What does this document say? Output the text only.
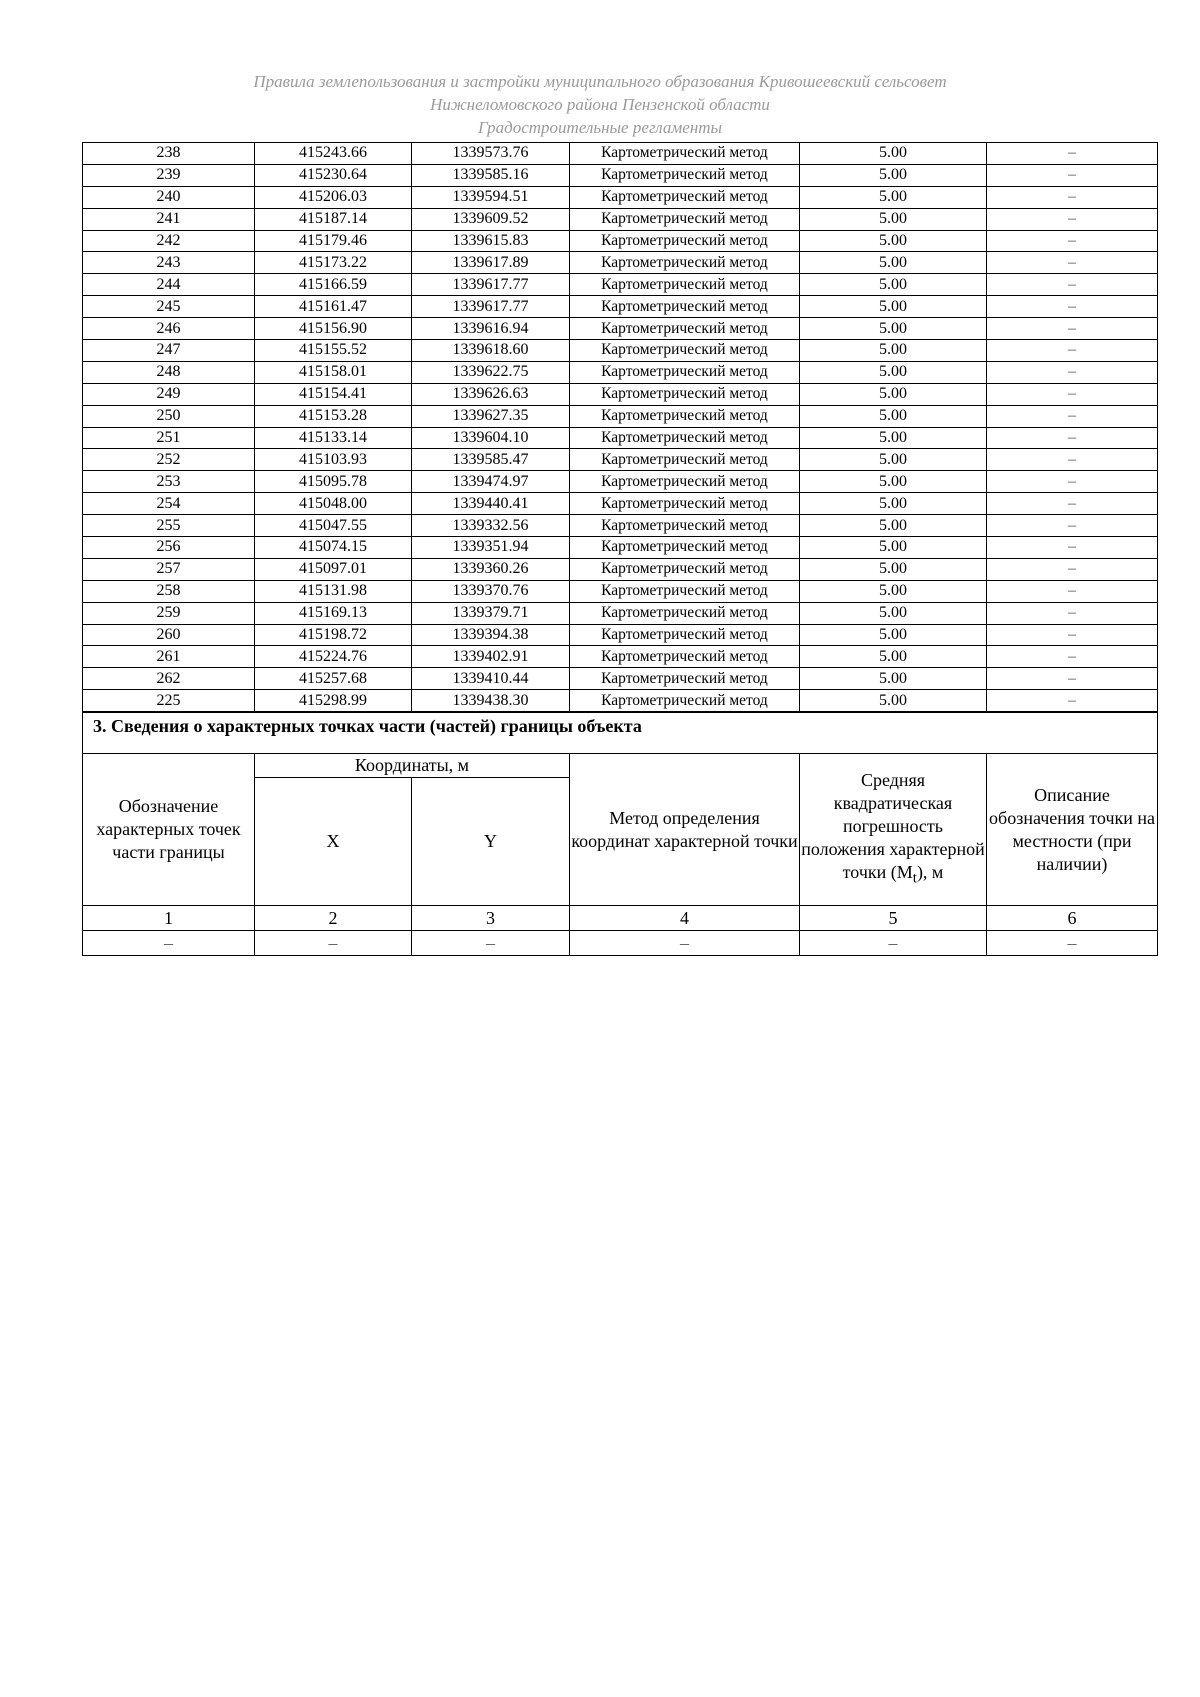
Правила землепользования и застройки муниципального образования Кривошеевский сельсовет
Нижнеломовского района Пензенской области
Градостроительные регламенты
238	415243.66	1339573.76	Картометрический метод	5.00	–
239	415230.64	1339585.16	Картометрический метод	5.00	–
240	415206.03	1339594.51	Картометрический метод	5.00	–
241	415187.14	1339609.52	Картометрический метод	5.00	–
242	415179.46	1339615.83	Картометрический метод	5.00	–
243	415173.22	1339617.89	Картометрический метод	5.00	–
244	415166.59	1339617.77	Картометрический метод	5.00	–
245	415161.47	1339617.77	Картометрический метод	5.00	–
246	415156.90	1339616.94	Картометрический метод	5.00	–
247	415155.52	1339618.60	Картометрический метод	5.00	–
248	415158.01	1339622.75	Картометрический метод	5.00	–
249	415154.41	1339626.63	Картометрический метод	5.00	–
250	415153.28	1339627.35	Картометрический метод	5.00	–
251	415133.14	1339604.10	Картометрический метод	5.00	–
252	415103.93	1339585.47	Картометрический метод	5.00	–
253	415095.78	1339474.97	Картометрический метод	5.00	–
254	415048.00	1339440.41	Картометрический метод	5.00	–
255	415047.55	1339332.56	Картометрический метод	5.00	–
256	415074.15	1339351.94	Картометрический метод	5.00	–
257	415097.01	1339360.26	Картометрический метод	5.00	–
258	415131.98	1339370.76	Картометрический метод	5.00	–
259	415169.13	1339379.71	Картометрический метод	5.00	–
260	415198.72	1339394.38	Картометрический метод	5.00	–
261	415224.76	1339402.91	Картометрический метод	5.00	–
262	415257.68	1339410.44	Картометрический метод	5.00	–
225	415298.99	1339438.30	Картометрический метод	5.00	–
3. Сведения о характерных точках части (частей) границы объекта					
Обозначение характерных точек части границы	Координаты, м		Метод определения координат характерной точки	Средняя квадратическая погрешность положения характерной точки $(M_t)$, м	Описание обозначения точки на местности (при наличии)
	X	Y			
1	2	3	4	5	6
–	–	–	–	–	–
